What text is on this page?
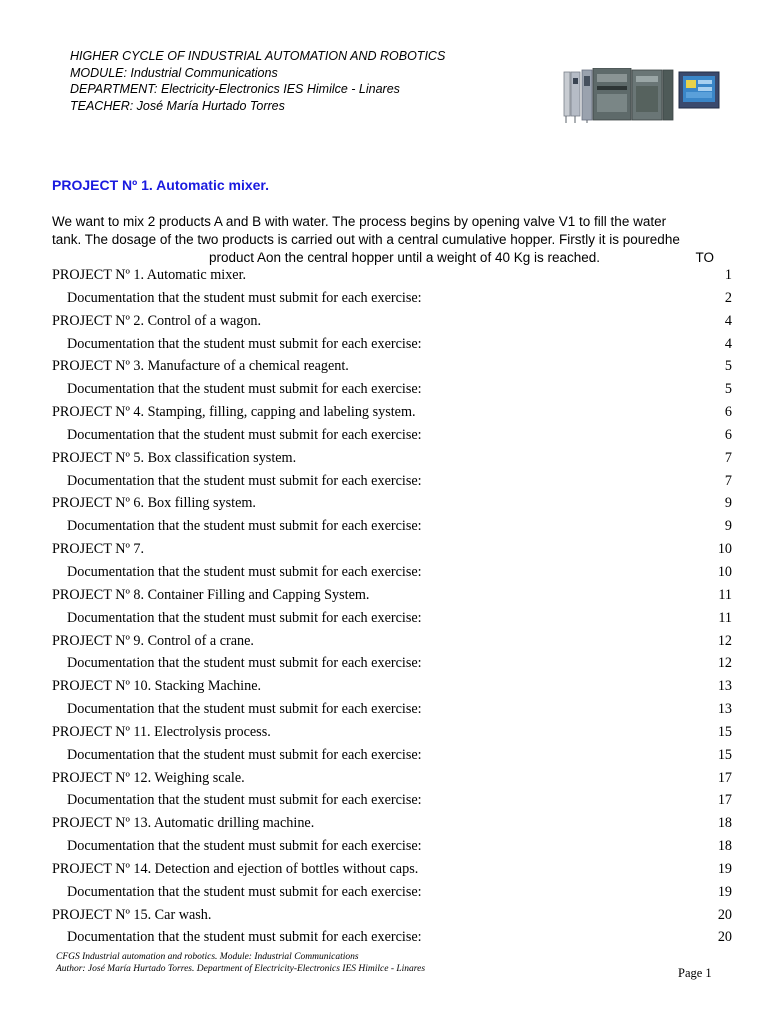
HIGHER CYCLE OF INDUSTRIAL AUTOMATION AND ROBOTICS
MODULE: Industrial Communications
DEPARTMENT: Electricity-Electronics IES Himilce - Linares
TEACHER: José María Hurtado Torres
PROJECT Nº 1. Automatic mixer.
We want to mix 2 products A and B with water. The process begins by opening valve V1 to fill the water
tank. The dosage of the two products is carried out with a central cumulative hopper. Firstly it is pouredhe
product Aon the central hopper until a weight of 40 Kg is reached.	TO
PROJECT Nº 1. Automatic mixer.	1
Documentation that the student must submit for each exercise:	2
PROJECT Nº 2. Control of a wagon.	4
Documentation that the student must submit for each exercise:	4
PROJECT Nº 3. Manufacture of a chemical reagent.	5
Documentation that the student must submit for each exercise:	5
PROJECT Nº 4. Stamping, filling, capping and labeling system.	6
Documentation that the student must submit for each exercise:	6
PROJECT Nº 5. Box classification system.	7
Documentation that the student must submit for each exercise:	7
PROJECT Nº 6. Box filling system.	9
Documentation that the student must submit for each exercise:	9
PROJECT Nº 7.	10
Documentation that the student must submit for each exercise:	10
PROJECT Nº 8. Container Filling and Capping System.	11
Documentation that the student must submit for each exercise:	11
PROJECT Nº 9. Control of a crane.	12
Documentation that the student must submit for each exercise:	12
PROJECT Nº 10. Stacking Machine.	13
Documentation that the student must submit for each exercise:	13
PROJECT Nº 11. Electrolysis process.	15
Documentation that the student must submit for each exercise:	15
PROJECT Nº 12. Weighing scale.	17
Documentation that the student must submit for each exercise:	17
PROJECT Nº 13. Automatic drilling machine.	18
Documentation that the student must submit for each exercise:	18
PROJECT Nº 14. Detection and ejection of bottles without caps.	19
Documentation that the student must submit for each exercise:	19
PROJECT Nº 15. Car wash.	20
Documentation that the student must submit for each exercise:	20
CFGS Industrial automation and robotics. Module: Industrial Communications
Author: José María Hurtado Torres. Department of Electricity-Electronics IES Himilce - Linares	Page 1
